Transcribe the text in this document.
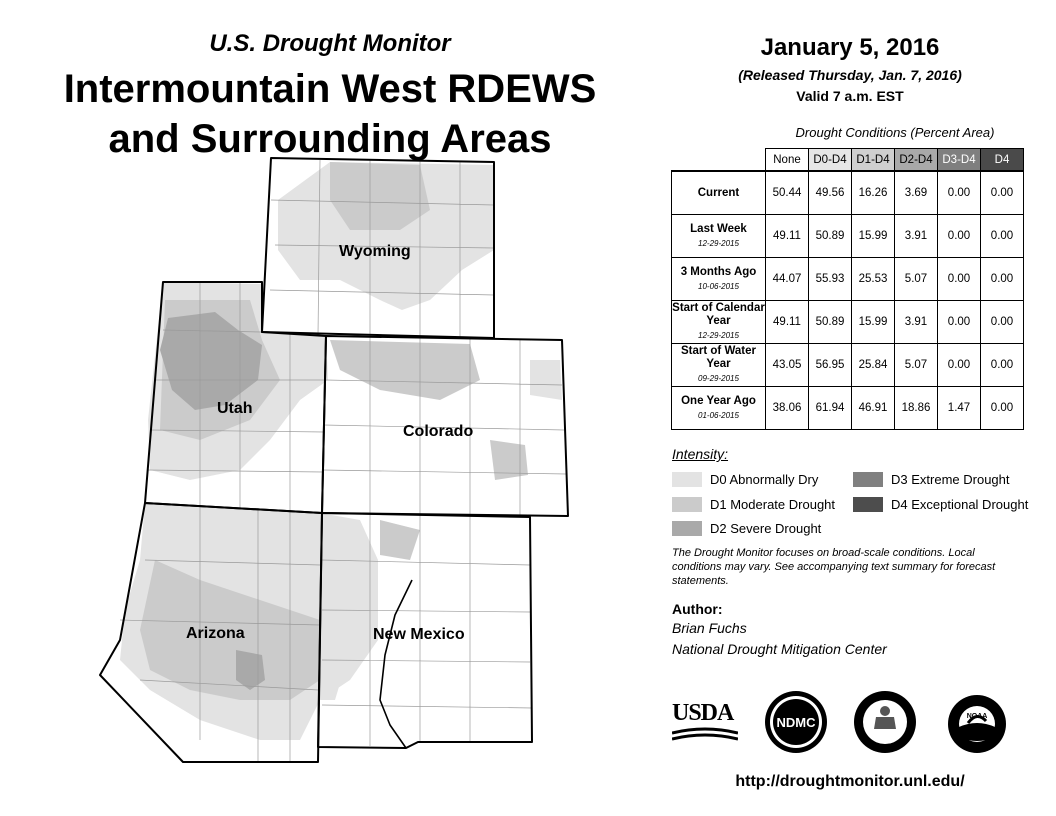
U.S. Drought Monitor
Intermountain West RDEWS
and Surrounding Areas
Wyoming
Utah
Colorado
Arizona	New Mexico
January 5, 2016
(Released Thursday, Jan. 7, 2016)
Valid 7 a.m. EST
Drought Conditions (Percent Area)
	None	D0-D4	D1-D4	D2-D4	D3-D4	D4
Current	50.44	49.56	16.26	3.69	0.00	0.00
Last Week
12-29-2015	49.11	50.89	15.99	3.91	0.00	0.00
3 Months Ago
10-06-2015	44.07	55.93	25.53	5.07	0.00	0.00
Start of Calendar Year
12-29-2015	49.11	50.89	15.99	3.91	0.00	0.00
Start of Water Year
09-29-2015	43.05	56.95	25.84	5.07	0.00	0.00
One Year Ago
01-06-2015	38.06	61.94	46.91	18.86	1.47	0.00
Intensity:
D0 Abnormally Dry
D1 Moderate Drought
D2 Severe Drought
D3 Extreme Drought
D4 Exceptional Drought
The Drought Monitor focuses on broad-scale conditions. Local conditions may vary. See accompanying text summary for forecast statements.
Author:
Brian Fuchs
National Drought Mitigation Center
USDA	NDMC	NOAA
http://droughtmonitor.unl.edu/
